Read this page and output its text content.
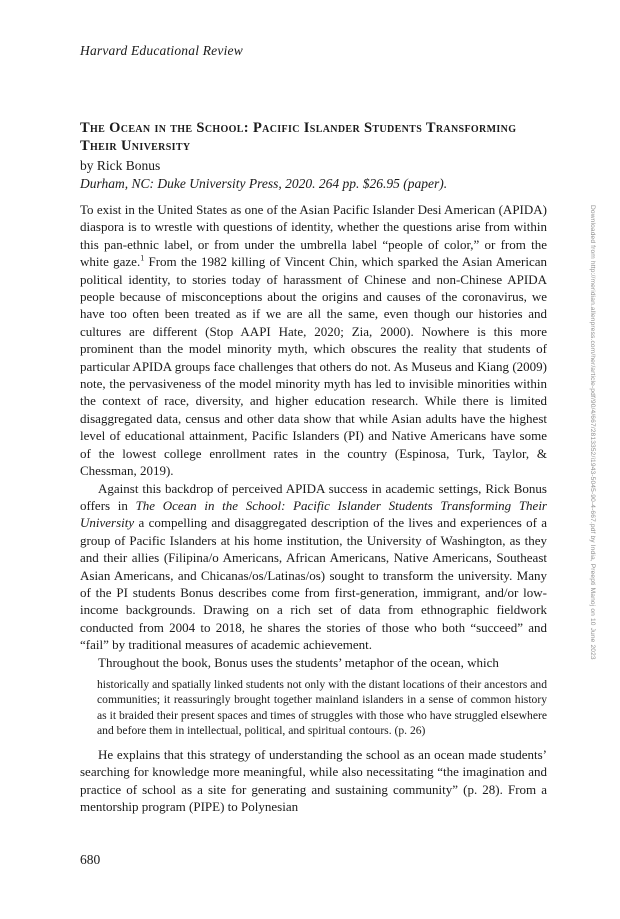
Harvard Educational Review
The Ocean in the School: Pacific Islander Students Transforming Their University

by Rick Bonus

Durham, NC: Duke University Press, 2020. 264 pp. $26.95 (paper).

To exist in the United States as one of the Asian Pacific Islander Desi American (APIDA) diaspora is to wrestle with questions of identity, whether the questions arise from within this pan-ethnic label, or from under the umbrella label “people of color,” or from the white gaze.$^1$ From the 1982 killing of Vincent Chin, which sparked the Asian American political identity, to stories today of harassment of Chinese and non-Chinese APIDA people because of misconceptions about the origins and causes of the coronavirus, we have too often been treated as if we are all the same, even though our histories and cultures are different (Stop AAPI Hate, 2020; Zia, 2000). Nowhere is this more prominent than the model minority myth, which obscures the reality that students of particular APIDA groups face challenges that others do not. As Museus and Kiang (2009) note, the pervasiveness of the model minority myth has led to invisible minorities within the context of race, diversity, and higher education research. While there is limited disaggregated data, census and other data show that while Asian adults have the highest level of educational attainment, Pacific Islanders (PI) and Native Americans have some of the lowest college enrollment rates in the country (Espinosa, Turk, Taylor, & Chessman, 2019).

Against this backdrop of perceived APIDA success in academic settings, Rick Bonus offers in The Ocean in the School: Pacific Islander Students Transforming Their University a compelling and disaggregated description of the lives and experiences of a group of Pacific Islanders at his home institution, the University of Washington, as they and their allies (Filipina/o Americans, African Americans, Native Americans, Southeast Asian Americans, and Chicanas/os/Latinas/os) sought to transform the university. Many of the PI students Bonus describes come from first-generation, immigrant, and/or low-income backgrounds. Drawing on a rich set of data from ethnographic fieldwork conducted from 2004 to 2018, he shares the stories of those who both “succeed” and “fail” by traditional measures of academic achievement.

Throughout the book, Bonus uses the students’ metaphor of the ocean, which

historically and spatially linked students not only with the distant locations of their ancestors and communities; it reassuringly brought together mainland islanders in a sense of common history as it braided their present spaces and times of struggles with those who have struggled elsewhere and before them in intellectual, political, and spiritual contours. (p. 26)

He explains that this strategy of understanding the school as an ocean made students’ searching for knowledge more meaningful, while also necessitating “the imagination and practice of school as a site for generating and sustaining community” (p. 28). From a mentorship program (PIPE) to Polynesian

680
Downloaded from http://meridian.allenpress.com/her/article-pdf/90/4/667/2813352/i1943-5045-90-4-667.pdf by India, Preepti Manoj on 10 June 2023
